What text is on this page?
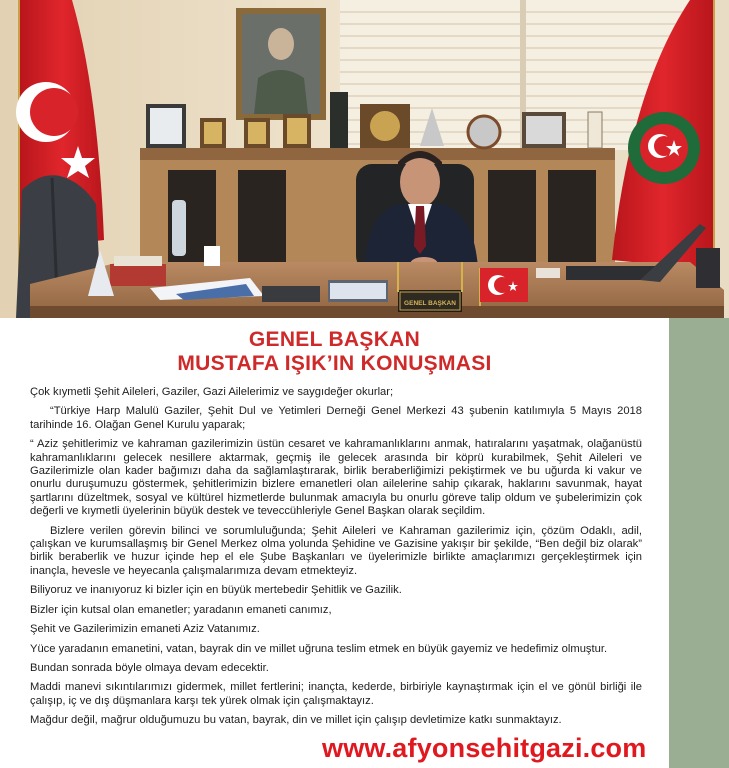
GENEL BAŞKAN
GENEL BAŞKAN
MUSTAFA IŞIK’IN KONUŞMASI

Çok kıymetli Şehit Aileleri, Gaziler, Gazi Ailelerimiz ve saygıdeğer okurlar;

“Türkiye Harp Malulü Gaziler, Şehit Dul ve Yetimleri Derneği Genel Merkezi 43 şubenin katılımıyla 5 Mayıs 2018 tarihinde 16. Olağan Genel Kurulu yaparak;

“ Aziz şehitlerimiz ve kahraman gazilerimizin üstün cesaret ve kahramanlıklarını anmak, hatıralarını yaşatmak, olağanüstü kahramanlıklarını gelecek nesillere aktarmak, geçmiş ile gelecek arasında bir köprü kurabilmek, Şehit Aileleri ve Gazilerimizle olan kader bağımızı daha da sağlamlaştırarak, birlik beraberliğimizi pekiştirmek ve bu uğurda ki vakur ve onurlu duruşumuzu göstermek, şehitlerimizin bizlere emanetleri olan ailelerine sahip çıkarak, haklarını savunmak, hayat şartlarını düzeltmek, sosyal ve kültürel hizmetlerde bulunmak amacıyla bu onurlu göreve talip oldum ve şubelerimizin çok değerli ve kıymetli üyelerinin büyük destek ve teveccühleriyle Genel Başkan olarak seçildim.

Bizlere verilen görevin bilinci ve sorumluluğunda; Şehit Aileleri ve Kahraman gazilerimiz için, çözüm Odaklı, adil, çalışkan ve kurumsallaşmış bir Genel Merkez olma yolunda Şehidine ve Gazisine yakışır bir şekilde, “Ben değil biz olarak” birlik beraberlik ve huzur içinde hep el ele Şube Başkanları ve üyelerimizle birlikte amaçlarımızı gerçekleştirmek için inançla, hevesle ve heyecanla çalışmalarımıza devam etmekteyiz.

Biliyoruz ve inanıyoruz ki bizler için en büyük mertebedir Şehitlik ve Gazilik.

Bizler için kutsal olan emanetler; yaradanın emaneti canımız,

Şehit ve Gazilerimizin emaneti Aziz Vatanımız.

Yüce yaradanın emanetini, vatan, bayrak din ve millet uğruna teslim etmek en büyük gayemiz ve hedefimiz olmuştur.

Bundan sonrada böyle olmaya devam edecektir.

Maddi manevi sıkıntılarımızı gidermek, millet fertlerini; inançta, kederde, birbiriyle kaynaştırmak için el ve gönül birliği ile çalışıp, iç ve dış düşmanlara karşı tek yürek olmak için çalışmaktayız.

Mağdur değil, mağrur olduğumuzu bu vatan, bayrak, din ve millet için çalışıp devletimize katkı sunmaktayız.

www.afyonsehitgazi.com
